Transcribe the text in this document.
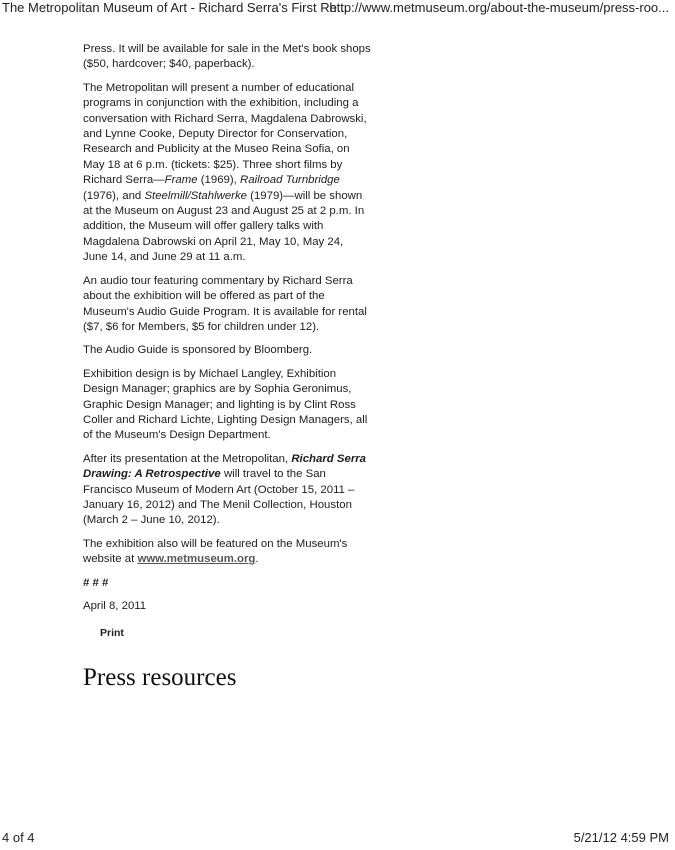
The Metropolitan Museum of Art - Richard Serra's First Re...
http://www.metmuseum.org/about-the-museum/press-roo...

Press. It will be available for sale in the Met's book shops ($50, hardcover; $40, paperback).

The Metropolitan will present a number of educational programs in conjunction with the exhibition, including a conversation with Richard Serra, Magdalena Dabrowski, and Lynne Cooke, Deputy Director for Conservation, Research and Publicity at the Museo Reina Sofia, on May 18 at 6 p.m. (tickets: $25). Three short films by Richard Serra—Frame (1969), Railroad Turnbridge (1976), and Steelmill/Stahlwerke (1979)—will be shown at the Museum on August 23 and August 25 at 2 p.m. In addition, the Museum will offer gallery talks with Magdalena Dabrowski on April 21, May 10, May 24, June 14, and June 29 at 11 a.m.

An audio tour featuring commentary by Richard Serra about the exhibition will be offered as part of the Museum's Audio Guide Program. It is available for rental ($7, $6 for Members, $5 for children under 12).

The Audio Guide is sponsored by Bloomberg.

Exhibition design is by Michael Langley, Exhibition Design Manager; graphics are by Sophia Geronimus, Graphic Design Manager; and lighting is by Clint Ross Coller and Richard Lichte, Lighting Design Managers, all of the Museum's Design Department.

After its presentation at the Metropolitan, Richard Serra Drawing: A Retrospective will travel to the San Francisco Museum of Modern Art (October 15, 2011 – January 16, 2012) and The Menil Collection, Houston (March 2 – June 10, 2012).

The exhibition also will be featured on the Museum's website at www.metmuseum.org.

# # #

April 8, 2011

Print
Press resources
4 of 4	5/21/12 4:59 PM
